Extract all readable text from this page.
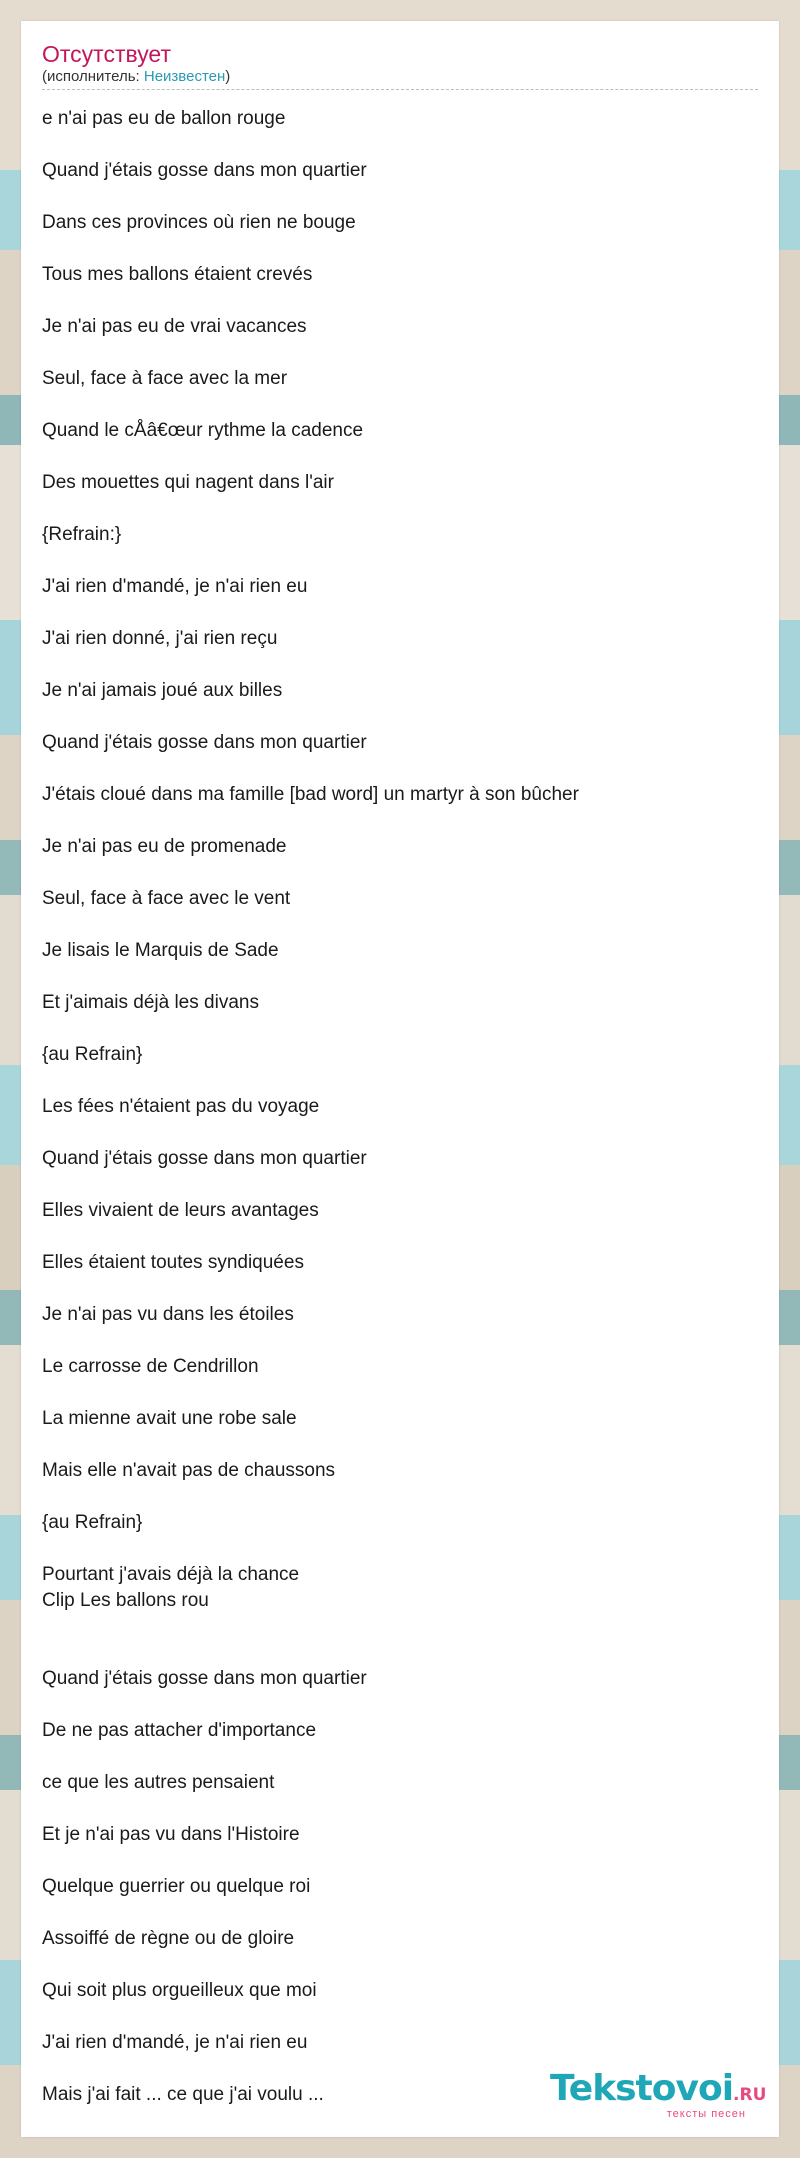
Отсутствует
(исполнитель: Неизвестен)
e n'ai pas eu de ballon rouge
Quand j'étais gosse dans mon quartier
Dans ces provinces où rien ne bouge
Tous mes ballons étaient crevés
Je n'ai pas eu de vrai vacances
Seul, face à face avec la mer
Quand le cÅâ€œur rythme la cadence
Des mouettes qui nagent dans l'air
{Refrain:}
J'ai rien d'mandé, je n'ai rien eu
J'ai rien donné, j'ai rien reçu
Je n'ai jamais joué aux billes
Quand j'étais gosse dans mon quartier
J'étais cloué dans ma famille [bad word] un martyr à son bûcher
Je n'ai pas eu de promenade
Seul, face à face avec le vent
Je lisais le Marquis de Sade
Et j'aimais déjà les divans
{au Refrain}
Les fées n'étaient pas du voyage
Quand j'étais gosse dans mon quartier
Elles vivaient de leurs avantages
Elles étaient toutes syndiquées
Je n'ai pas vu dans les étoiles
Le carrosse de Cendrillon
La mienne avait une robe sale
Mais elle n'avait pas de chaussons
{au Refrain}
Pourtant j'avais déjà la chance
Clip Les ballons rou
Quand j'étais gosse dans mon quartier
De ne pas attacher d'importance
ce que les autres pensaient
Et je n'ai pas vu dans l'Histoire
Quelque guerrier ou quelque roi
Assoiffé de règne ou de gloire
Qui soit plus orgueilleux que moi
J'ai rien d'mandé, je n'ai rien eu
Mais j'ai fait ... ce que j'ai voulu ...	Tekstovoi.RU
тексты песен
